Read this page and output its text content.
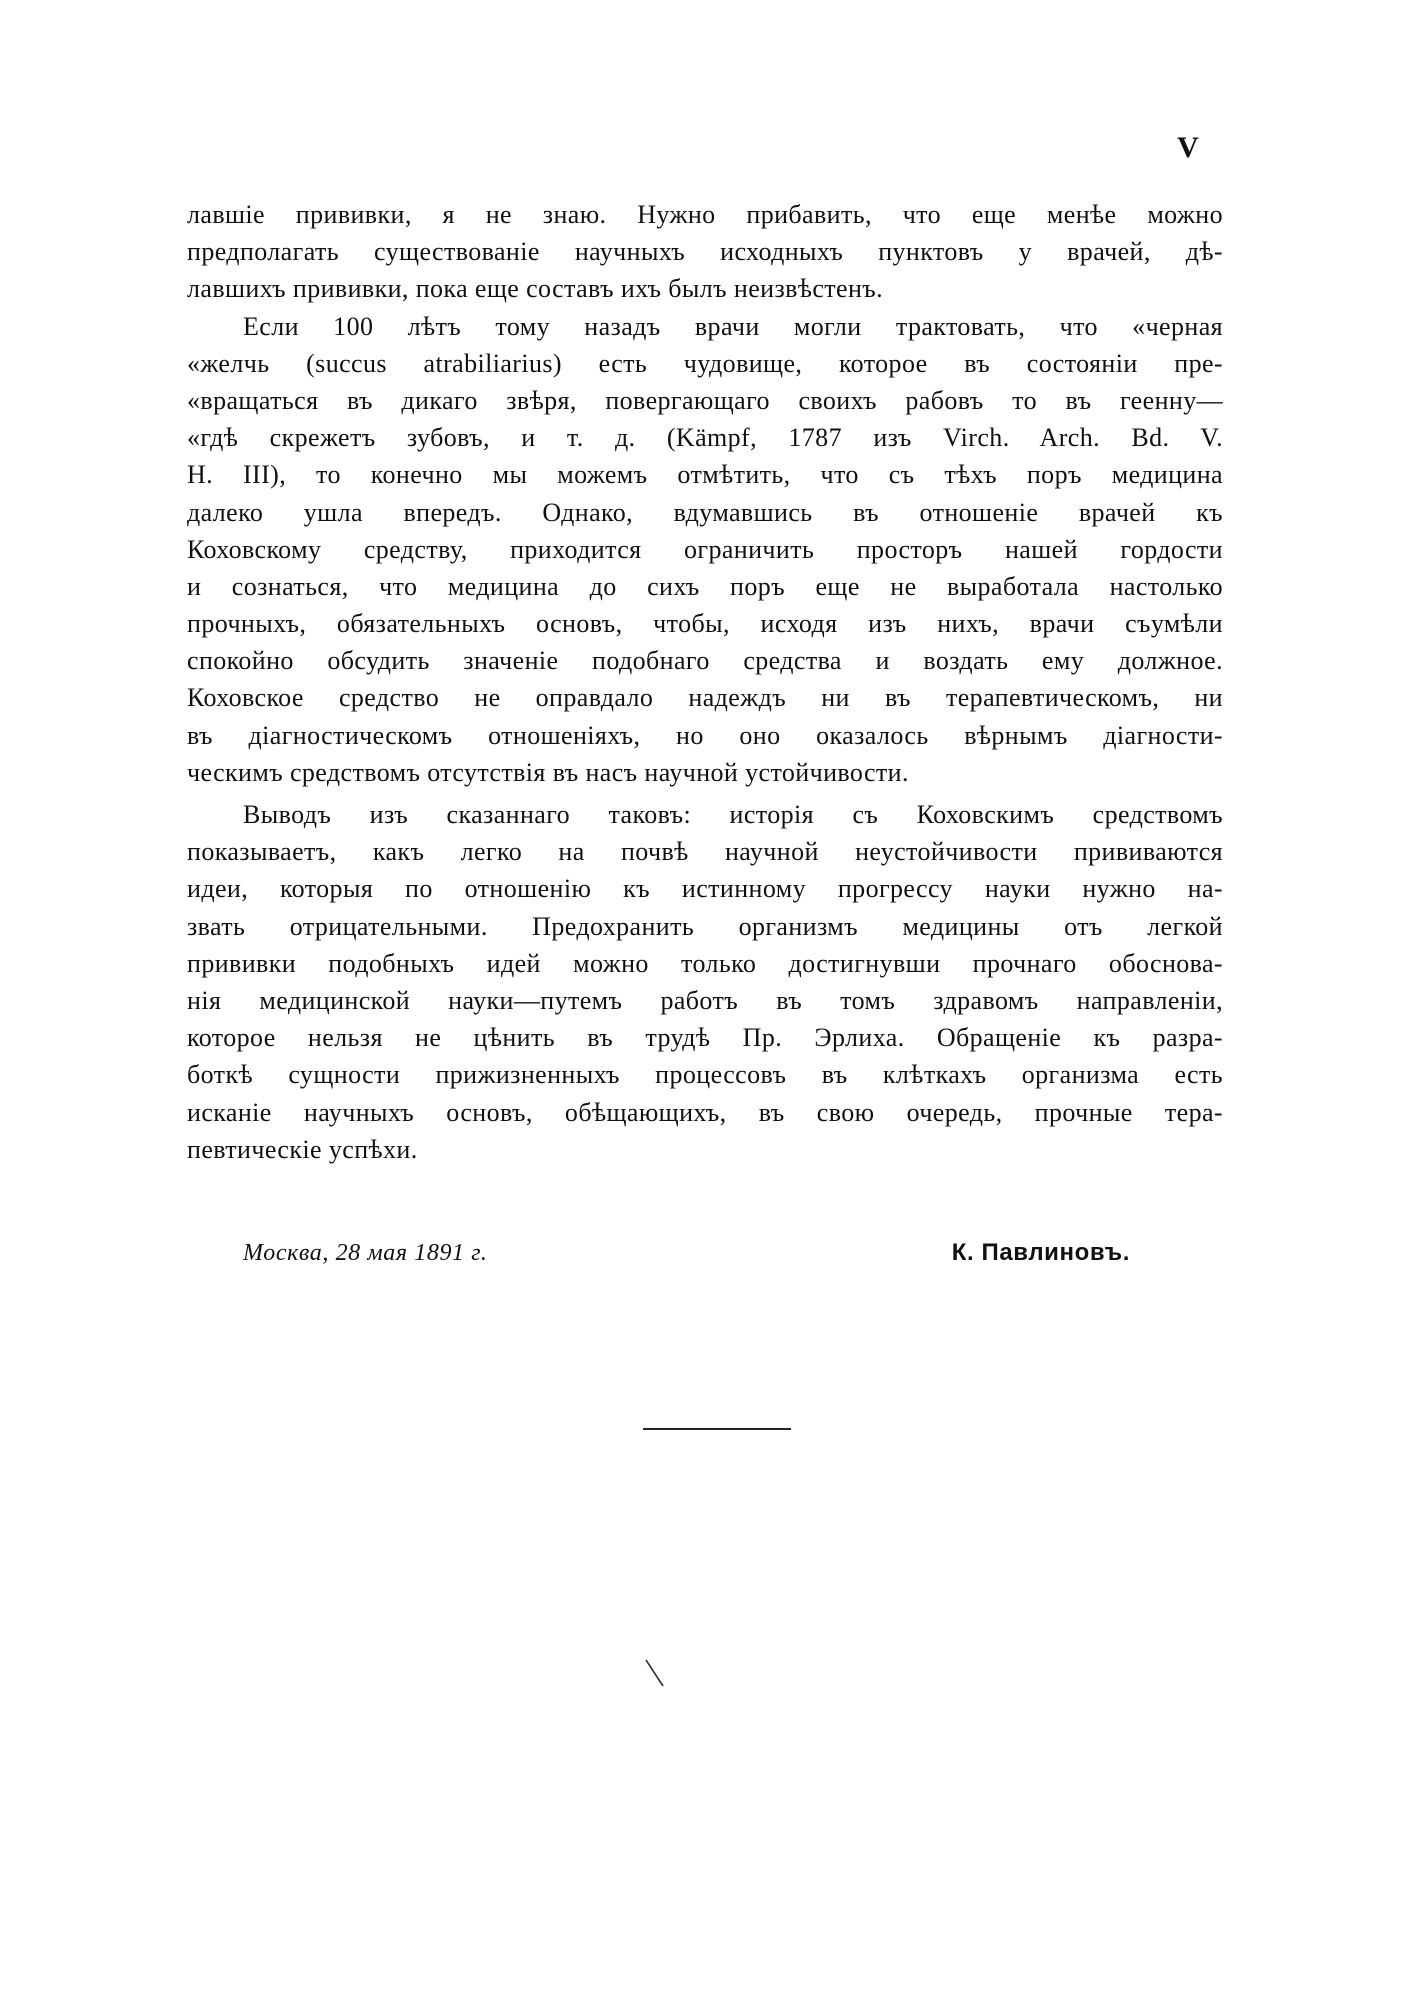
V
лавшіе прививки, я не знаю. Нужно прибавить, что еще менѣе можно
предполагать существованіе научныхъ исходныхъ пунктовъ у врачей, дѣ-
лавшихъ прививки, пока еще составъ ихъ былъ неизвѣстенъ.
Если 100 лѣтъ тому назадъ врачи могли трактовать, что «черная
«желчь (succus atrabiliarius) есть чудовище, которое въ состояніи пре-
«вращаться въ дикаго звѣря, повергающаго своихъ рабовъ то въ геенну—
«гдѣ скрежетъ зубовъ, и т. д. (Kämpf, 1787 изъ Virch. Arch. Bd. V.
H. III), то конечно мы можемъ отмѣтить, что съ тѣхъ поръ медицина
далеко ушла впередъ. Однако, вдумавшись въ отношеніе врачей къ
Коховскому средству, приходится ограничить просторъ нашей гордости
и сознаться, что медицина до сихъ поръ еще не выработала настолько
прочныхъ, обязательныхъ основъ, чтобы, исходя изъ нихъ, врачи съумѣли
спокойно обсудить значеніе подобнаго средства и воздать ему должное.
Коховское средство не оправдало надеждъ ни въ терапевтическомъ, ни
въ діагностическомъ отношеніяхъ, но оно оказалось вѣрнымъ діагности-
ческимъ средствомъ отсутствія въ насъ научной устойчивости.
Выводъ изъ сказаннаго таковъ: исторія съ Коховскимъ средствомъ
показываетъ, какъ легко на почвѣ научной неустойчивости прививаются
идеи, которыя по отношенію къ истинному прогрессу науки нужно на-
звать отрицательными. Предохранить организмъ медицины отъ легкой
прививки подобныхъ идей можно только достигнувши прочнаго обоснова-
нія медицинской науки—путемъ работъ въ томъ здравомъ направленіи,
которое нельзя не цѣнить въ трудѣ Пр. Эрлиха. Обращеніе къ разра-
боткѣ сущности прижизненныхъ процессовъ въ клѣткахъ организма есть
исканіе научныхъ основъ, обѣщающихъ, въ свою очередь, прочные тера-
певтическіе успѣхи.
Москва, 28 мая 1891 г.	К. Павлиновъ.
